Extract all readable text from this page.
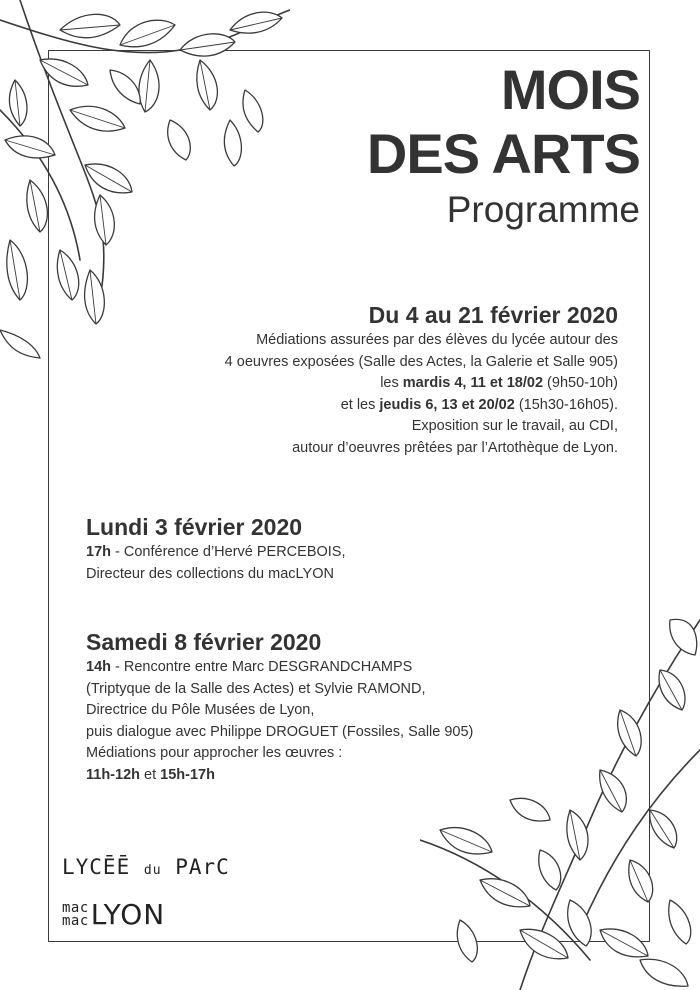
MOIS
DES ARTS
Programme
Du 4 au 21 février 2020
Médiations assurées par des élèves du lycée autour des
4 oeuvres exposées (Salle des Actes, la Galerie et Salle 905)
les mardis 4, 11 et 18/02 (9h50-10h)
et les jeudis 6, 13 et 20/02 (15h30-16h05).
Exposition sur le travail, au CDI,
autour d’oeuvres prêtées par l’Artothèque de Lyon.
Lundi 3 février 2020
17h - Conférence d’Hervé PERCEBOIS,
Directeur des collections du macLYON
Samedi 8 février 2020
14h - Rencontre entre Marc DESGRANDCHAMPS
(Triptyque de la Salle des Actes) et Sylvie RAMOND,
Directrice du Pôle Musées de Lyon,
puis dialogue avec Philippe DROGUET (Fossiles, Salle 905)
Médiations pour approcher les œuvres :
11h-12h et 15h-17h
LYCĒĒ du PArC
mac
macLYON
